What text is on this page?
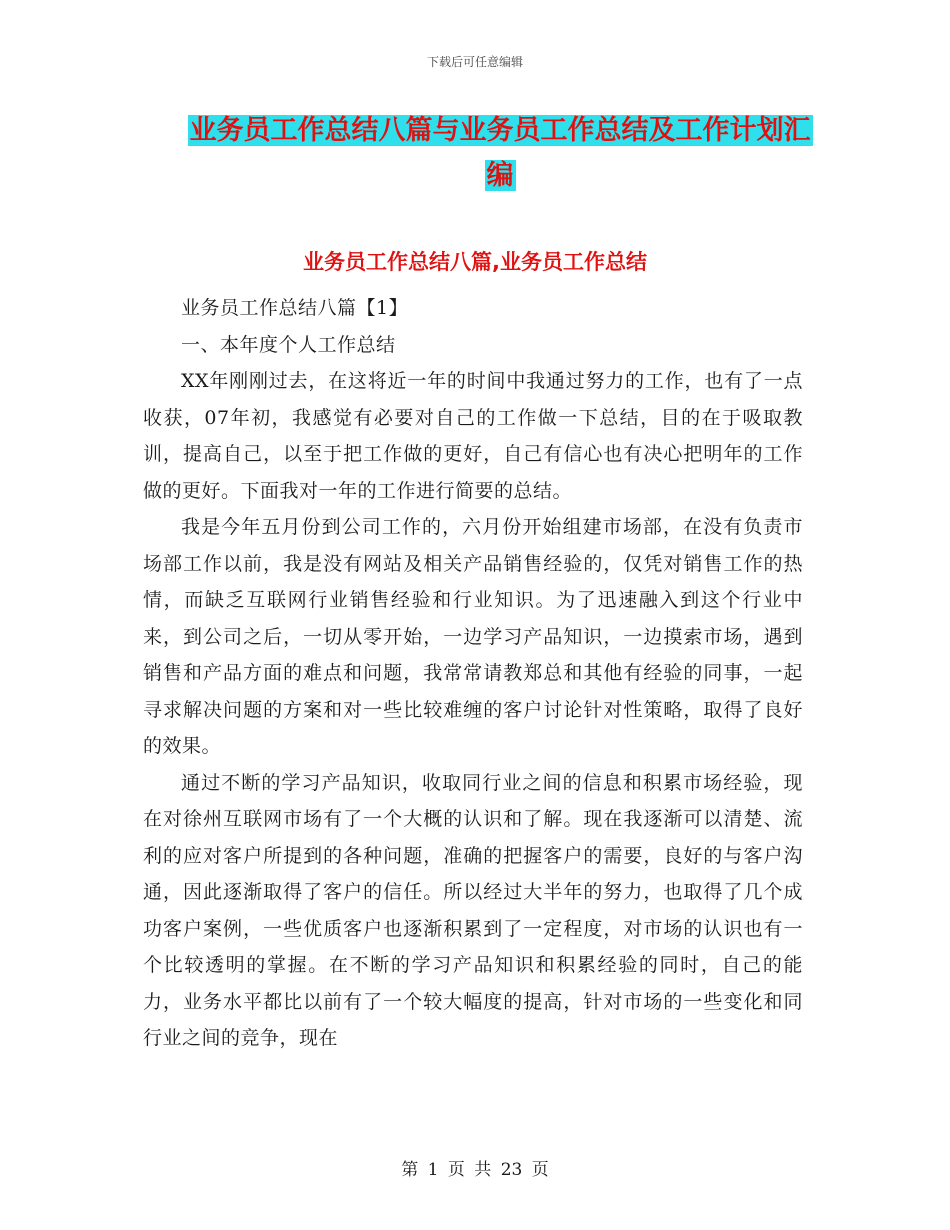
下载后可任意编辑
业务员工作总结八篇与业务员工作总结及工作计划汇
编
业务员工作总结八篇,业务员工作总结

业务员工作总结八篇【1】

一、本年度个人工作总结

XX年刚刚过去，在这将近一年的时间中我通过努力的工作，也有了一点收获，07年初，我感觉有必要对自己的工作做一下总结，目的在于吸取教训，提高自己，以至于把工作做的更好，自己有信心也有决心把明年的工作做的更好。下面我对一年的工作进行简要的总结。

我是今年五月份到公司工作的，六月份开始组建市场部，在没有负责市场部工作以前，我是没有网站及相关产品销售经验的，仅凭对销售工作的热情，而缺乏互联网行业销售经验和行业知识。为了迅速融入到这个行业中来，到公司之后，一切从零开始，一边学习产品知识，一边摸索市场，遇到销售和产品方面的难点和问题，我常常请教郑总和其他有经验的同事，一起寻求解决问题的方案和对一些比较难缠的客户讨论针对性策略，取得了良好的效果。

通过不断的学习产品知识，收取同行业之间的信息和积累市场经验，现在对徐州互联网市场有了一个大概的认识和了解。现在我逐渐可以清楚、流利的应对客户所提到的各种问题，准确的把握客户的需要，良好的与客户沟通，因此逐渐取得了客户的信任。所以经过大半年的努力，也取得了几个成功客户案例，一些优质客户也逐渐积累到了一定程度，对市场的认识也有一个比较透明的掌握。在不断的学习产品知识和积累经验的同时，自己的能力，业务水平都比以前有了一个较大幅度的提高，针对市场的一些变化和同行业之间的竞争，现在

第 1 页 共 23 页
